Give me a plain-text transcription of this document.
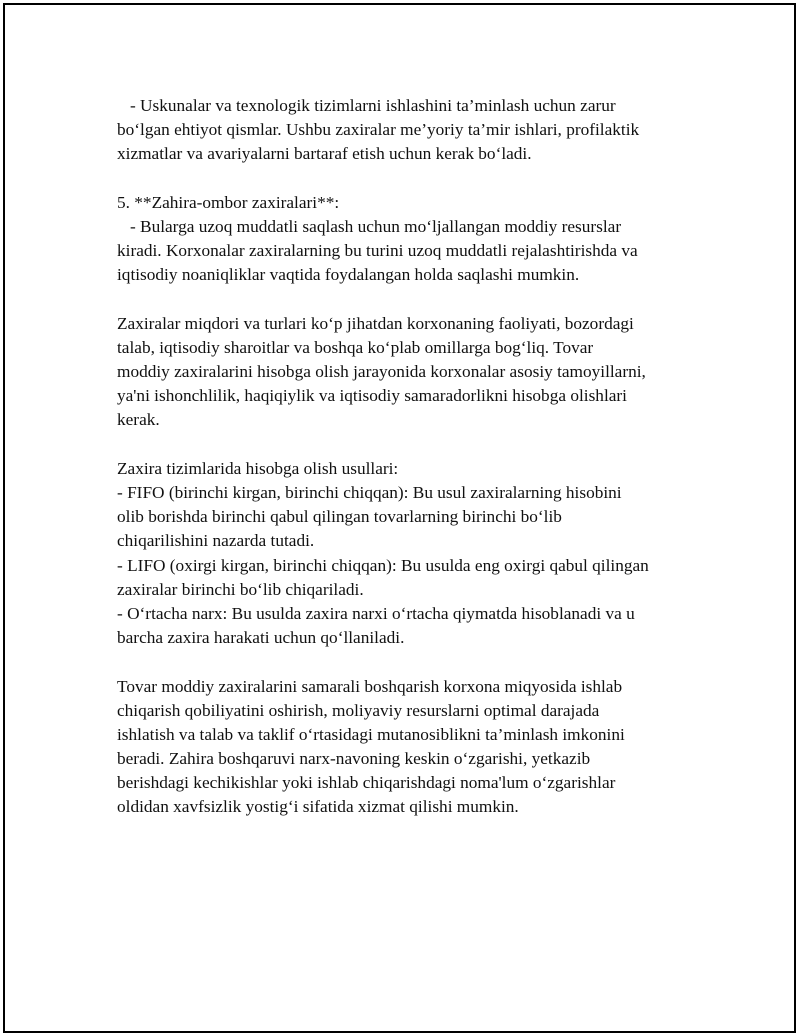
- Uskunalar va texnologik tizimlarni ishlashini ta’minlash uchun zarur
bo‘lgan ehtiyot qismlar. Ushbu zaxiralar me’yoriy ta’mir ishlari, profilaktik
xizmatlar va avariyalarni bartaraf etish uchun kerak bo‘ladi.
5. **Zahira-ombor zaxiralari**:
- Bularga uzoq muddatli saqlash uchun mo‘ljallangan moddiy resurslar
kiradi. Korxonalar zaxiralarning bu turini uzoq muddatli rejalashtirishda va
iqtisodiy noaniqliklar vaqtida foydalangan holda saqlashi mumkin.
Zaxiralar miqdori va turlari ko‘p jihatdan korxonaning faoliyati, bozordagi
talab, iqtisodiy sharoitlar va boshqa ko‘plab omillarga bog‘liq. Tovar
moddiy zaxiralarini hisobga olish jarayonida korxonalar asosiy tamoyillarni,
ya'ni ishonchlilik, haqiqiylik va iqtisodiy samaradorlikni hisobga olishlari
kerak.
Zaxira tizimlarida hisobga olish usullari:
- FIFO (birinchi kirgan, birinchi chiqqan): Bu usul zaxiralarning hisobini
olib borishda birinchi qabul qilingan tovarlarning birinchi bo‘lib
chiqarilishini nazarda tutadi.
- LIFO (oxirgi kirgan, birinchi chiqqan): Bu usulda eng oxirgi qabul qilingan
zaxiralar birinchi bo‘lib chiqariladi.
- O‘rtacha narx: Bu usulda zaxira narxi o‘rtacha qiymatda hisoblanadi va u
barcha zaxira harakati uchun qo‘llaniladi.
Tovar moddiy zaxiralarini samarali boshqarish korxona miqyosida ishlab
chiqarish qobiliyatini oshirish, moliyaviy resurslarni optimal darajada
ishlatish va talab va taklif o‘rtasidagi mutanosiblikni ta’minlash imkonini
beradi. Zahira boshqaruvi narx-navoning keskin o‘zgarishi, yetkazib
berishdagi kechikishlar yoki ishlab chiqarishdagi noma'lum o‘zgarishlar
oldidan xavfsizlik yostig‘i sifatida xizmat qilishi mumkin.
